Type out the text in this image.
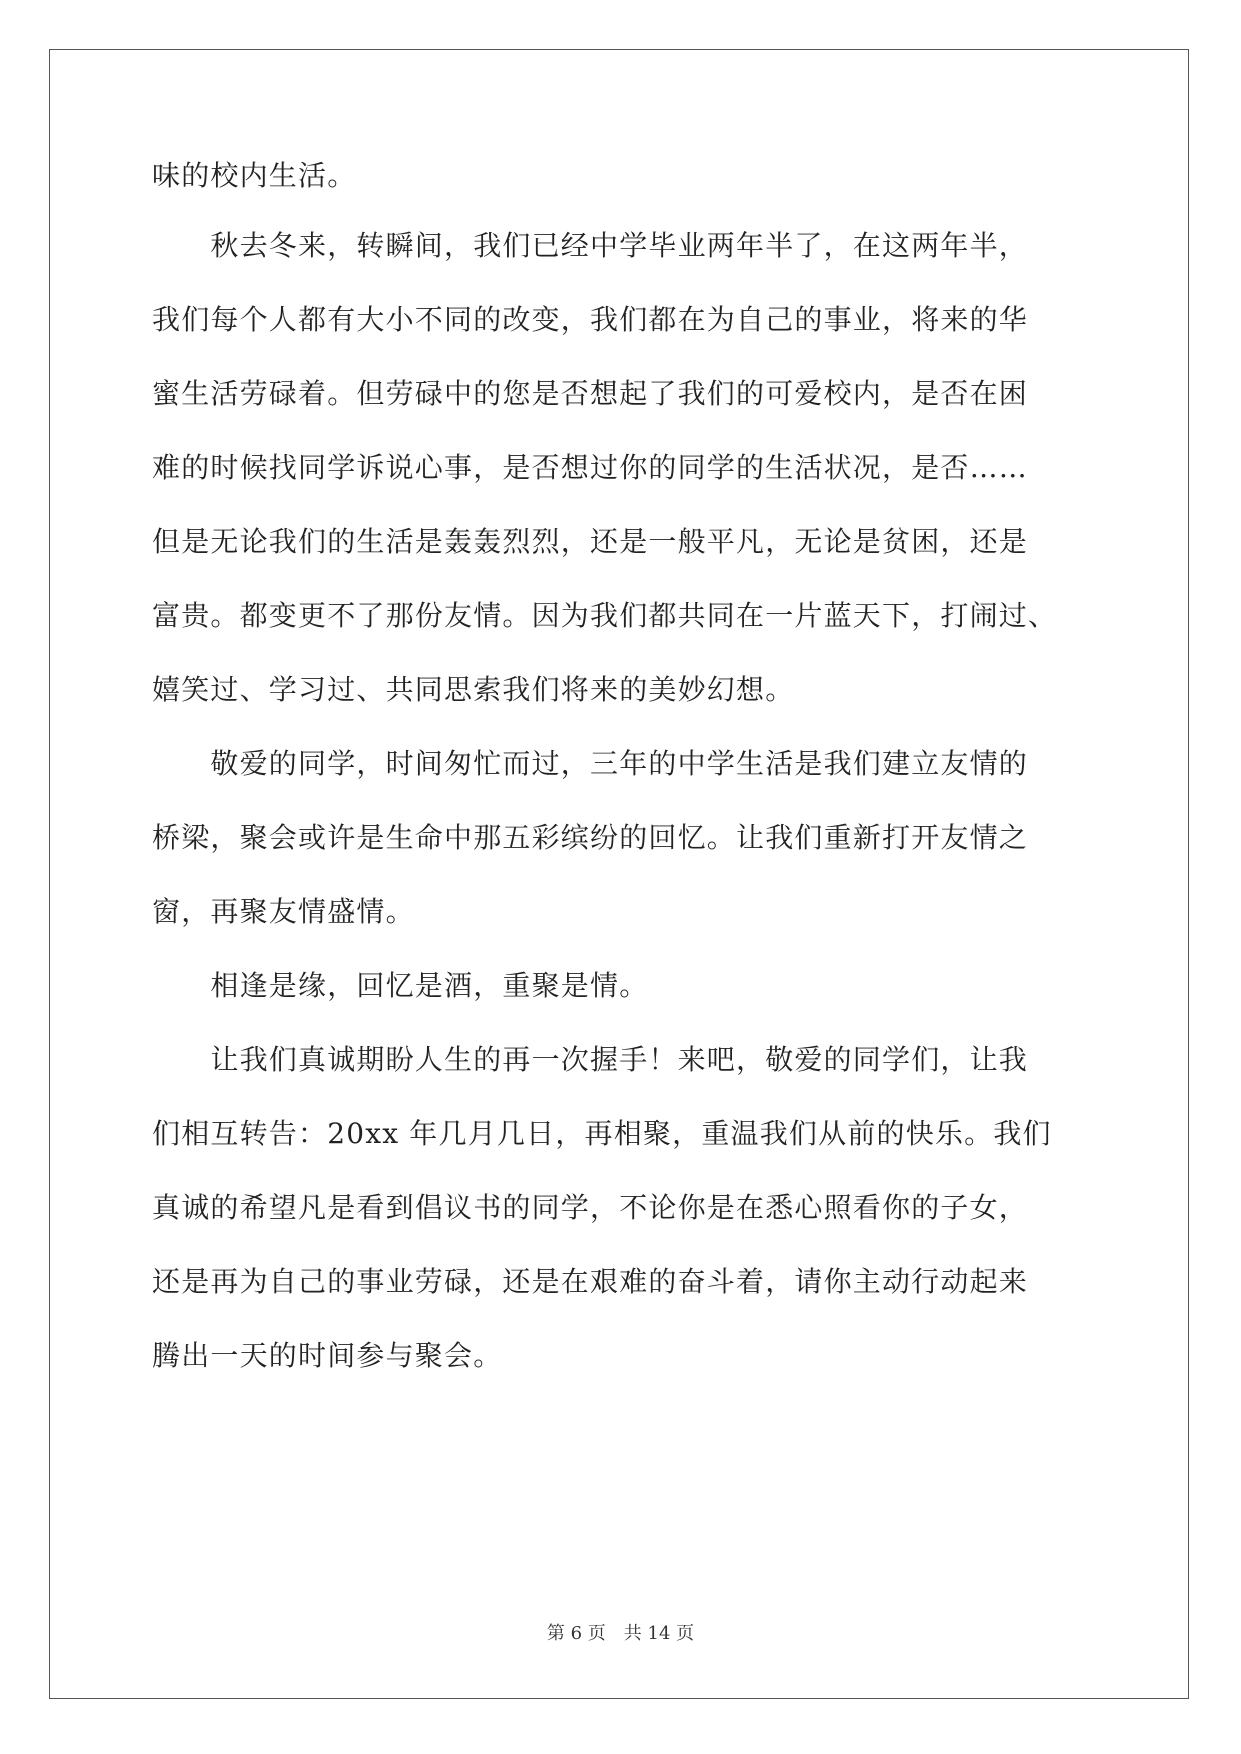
味的校内生活。
　　秋去冬来，转瞬间，我们已经中学毕业两年半了，在这两年半，
我们每个人都有大小不同的改变，我们都在为自己的事业，将来的华
蜜生活劳碌着。但劳碌中的您是否想起了我们的可爱校内，是否在困
难的时候找同学诉说心事，是否想过你的同学的生活状况，是否……
但是无论我们的生活是轰轰烈烈，还是一般平凡，无论是贫困，还是
富贵。都变更不了那份友情。因为我们都共同在一片蓝天下，打闹过、
嬉笑过、学习过、共同思索我们将来的美妙幻想。
　　敬爱的同学，时间匆忙而过，三年的中学生活是我们建立友情的
桥梁，聚会或许是生命中那五彩缤纷的回忆。让我们重新打开友情之
窗，再聚友情盛情。
　　相逢是缘，回忆是酒，重聚是情。
　　让我们真诚期盼人生的再一次握手！来吧，敬爱的同学们，让我
们相互转告：20xx 年几月几日，再相聚，重温我们从前的快乐。我们
真诚的希望凡是看到倡议书的同学，不论你是在悉心照看你的子女，
还是再为自己的事业劳碌，还是在艰难的奋斗着，请你主动行动起来
腾出一天的时间参与聚会。
第 6 页　共 14 页
